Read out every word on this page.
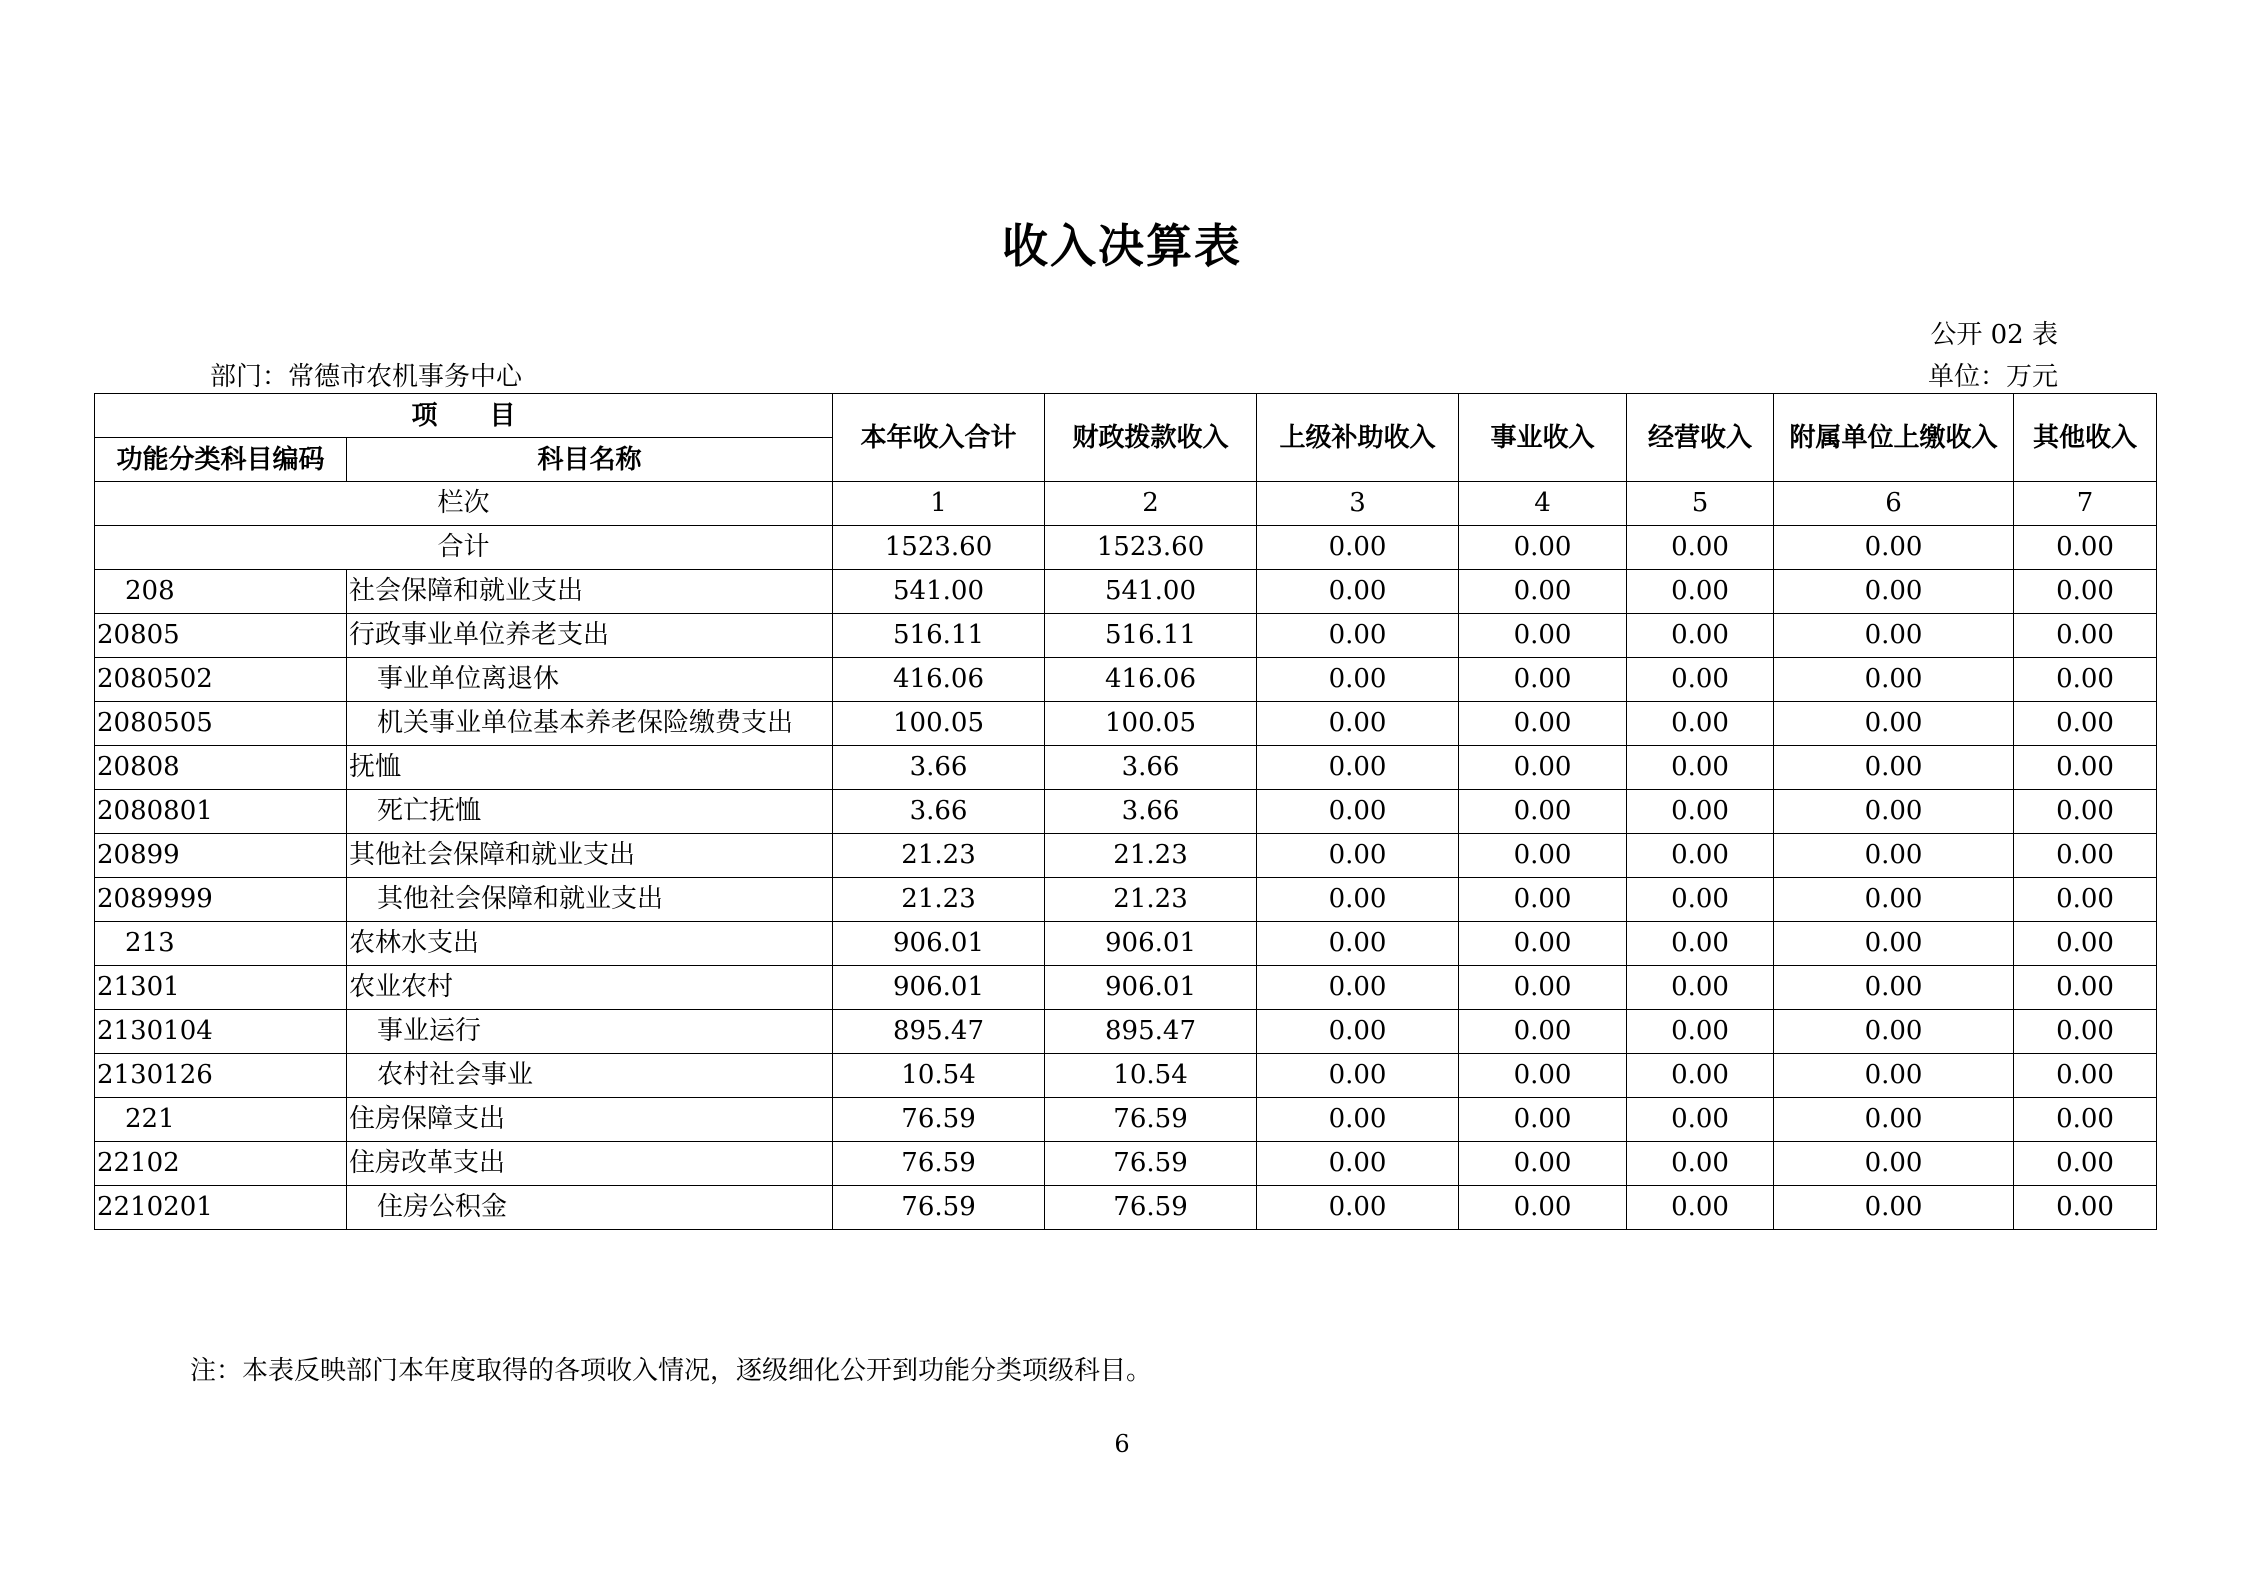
收入决算表
公开 02 表
部门：常德市农机事务中心	单位：万元
项　　目		本年收入合计	财政拨款收入	上级补助收入	事业收入	经营收入	附属单位上缴收入	其他收入
功能分类科目编码	科目名称							
栏次		1	2	3	4	5	6	7
合计		1523.60	1523.60	0.00	0.00	0.00	0.00	0.00
208	社会保障和就业支出	541.00	541.00	0.00	0.00	0.00	0.00	0.00
20805	行政事业单位养老支出	516.11	516.11	0.00	0.00	0.00	0.00	0.00
2080502	事业单位离退休	416.06	416.06	0.00	0.00	0.00	0.00	0.00
2080505	机关事业单位基本养老保险缴费支出	100.05	100.05	0.00	0.00	0.00	0.00	0.00
20808	抚恤	3.66	3.66	0.00	0.00	0.00	0.00	0.00
2080801	死亡抚恤	3.66	3.66	0.00	0.00	0.00	0.00	0.00
20899	其他社会保障和就业支出	21.23	21.23	0.00	0.00	0.00	0.00	0.00
2089999	其他社会保障和就业支出	21.23	21.23	0.00	0.00	0.00	0.00	0.00
213	农林水支出	906.01	906.01	0.00	0.00	0.00	0.00	0.00
21301	农业农村	906.01	906.01	0.00	0.00	0.00	0.00	0.00
2130104	事业运行	895.47	895.47	0.00	0.00	0.00	0.00	0.00
2130126	农村社会事业	10.54	10.54	0.00	0.00	0.00	0.00	0.00
221	住房保障支出	76.59	76.59	0.00	0.00	0.00	0.00	0.00
22102	住房改革支出	76.59	76.59	0.00	0.00	0.00	0.00	0.00
2210201	住房公积金	76.59	76.59	0.00	0.00	0.00	0.00	0.00
注：本表反映部门本年度取得的各项收入情况，逐级细化公开到功能分类项级科目。
6
